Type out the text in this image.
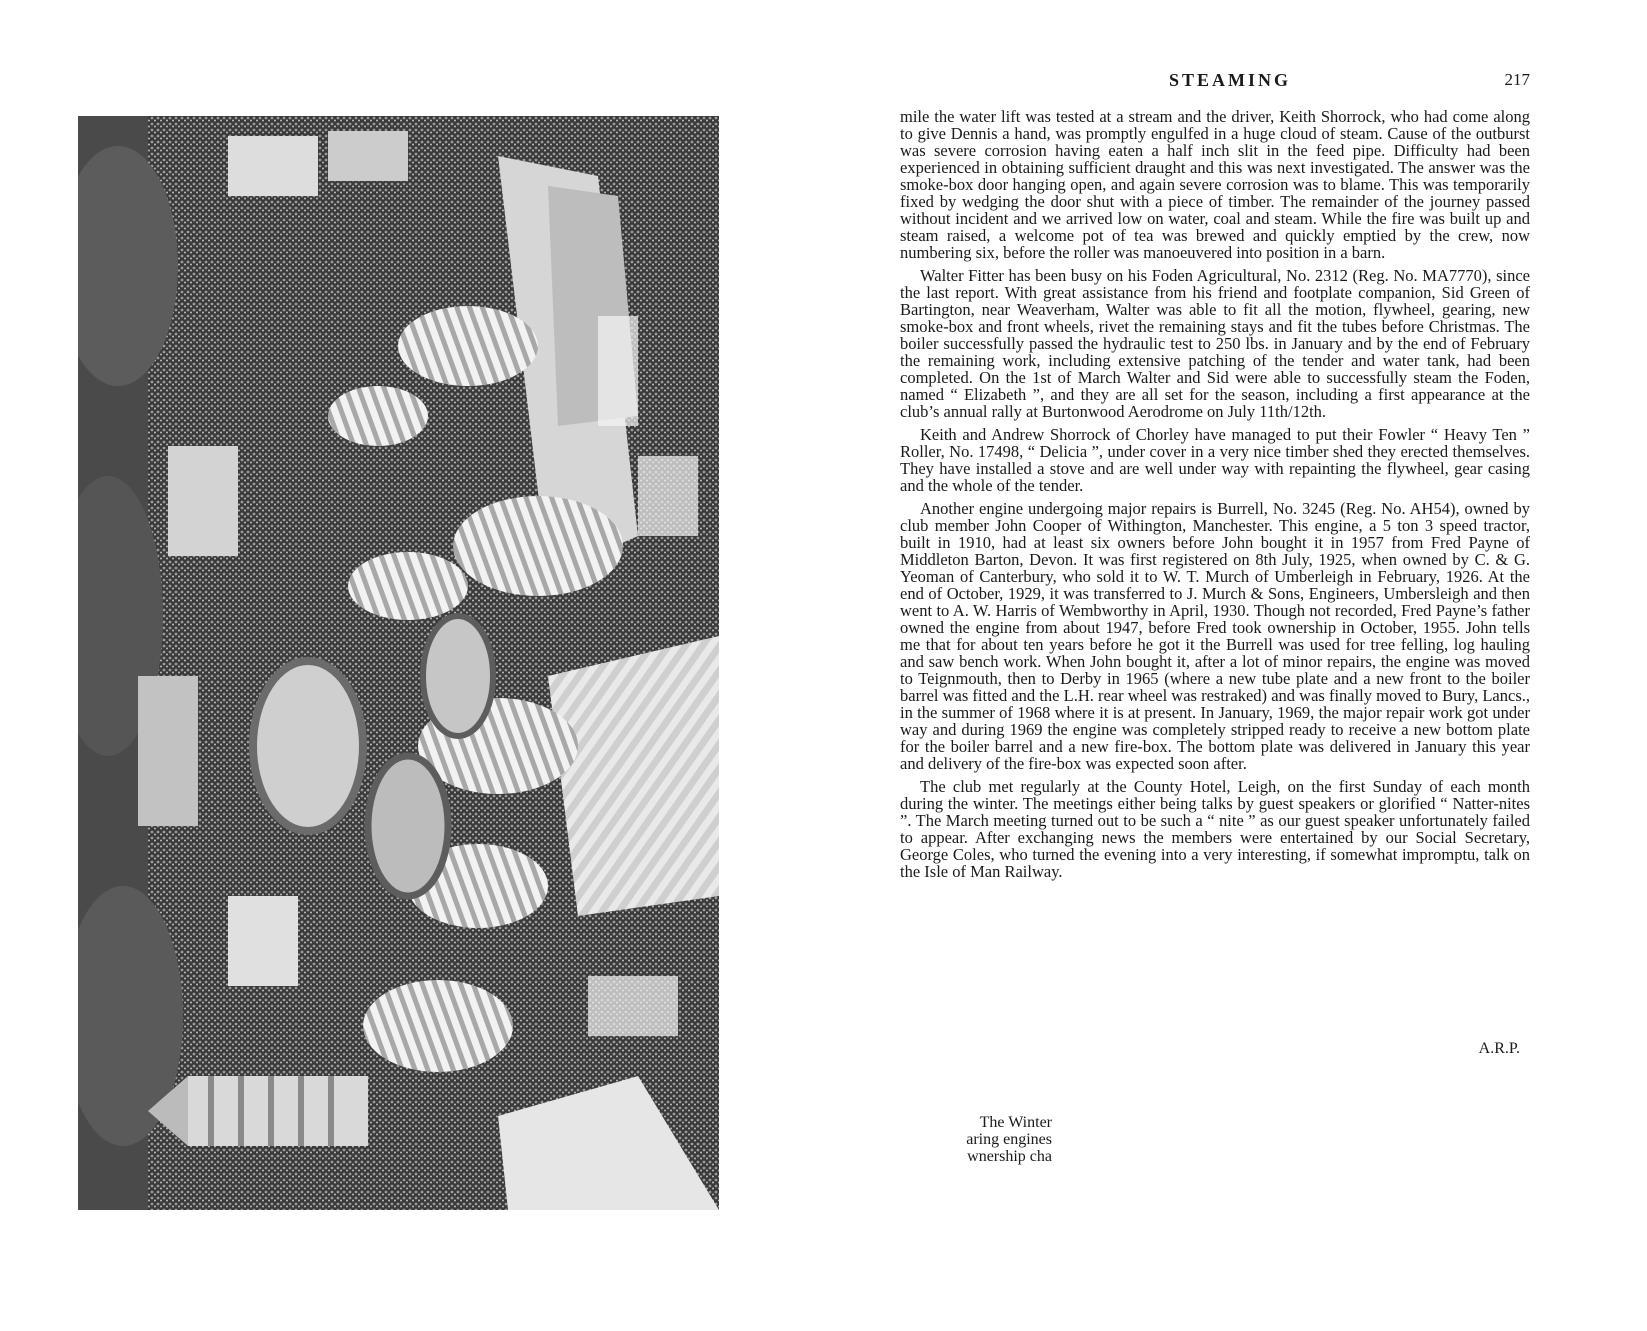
STEAMING	217

mile the water lift was tested at a stream and the driver, Keith Shorrock, who had come along to give Dennis a hand, was promptly engulfed in a huge cloud of steam. Cause of the outburst was severe corrosion having eaten a half inch slit in the feed pipe. Difficulty had been experienced in obtaining sufficient draught and this was next investigated. The answer was the smoke-box door hanging open, and again severe corrosion was to blame. This was temporarily fixed by wedging the door shut with a piece of timber. The remainder of the journey passed without incident and we arrived low on water, coal and steam. While the fire was built up and steam raised, a welcome pot of tea was brewed and quickly emptied by the crew, now numbering six, before the roller was manoeuvered into position in a barn.

Walter Fitter has been busy on his Foden Agricultural, No. 2312 (Reg. No. MA7770), since the last report. With great assistance from his friend and footplate companion, Sid Green of Bartington, near Weaverham, Walter was able to fit all the motion, flywheel, gearing, new smoke-box and front wheels, rivet the remaining stays and fit the tubes before Christmas. The boiler successfully passed the hydraulic test to 250 lbs. in January and by the end of February the remaining work, including extensive patching of the tender and water tank, had been completed. On the 1st of March Walter and Sid were able to successfully steam the Foden, named “ Elizabeth ”, and they are all set for the season, including a first appearance at the club’s annual rally at Burtonwood Aerodrome on July 11th/12th.

Keith and Andrew Shorrock of Chorley have managed to put their Fowler “ Heavy Ten ” Roller, No. 17498, “ Delicia ”, under cover in a very nice timber shed they erected themselves. They have installed a stove and are well under way with repainting the flywheel, gear casing and the whole of the tender.

Another engine undergoing major repairs is Burrell, No. 3245 (Reg. No. AH54), owned by club member John Cooper of Withington, Manchester. This engine, a 5 ton 3 speed tractor, built in 1910, had at least six owners before John bought it in 1957 from Fred Payne of Middleton Barton, Devon. It was first registered on 8th July, 1925, when owned by C. & G. Yeoman of Canterbury, who sold it to W. T. Murch of Umberleigh in February, 1926. At the end of October, 1929, it was transferred to J. Murch & Sons, Engineers, Umbersleigh and then went to A. W. Harris of Wembworthy in April, 1930. Though not recorded, Fred Payne’s father owned the engine from about 1947, before Fred took ownership in October, 1955. John tells me that for about ten years before he got it the Burrell was used for tree felling, log hauling and saw bench work. When John bought it, after a lot of minor repairs, the engine was moved to Teignmouth, then to Derby in 1965 (where a new tube plate and a new front to the boiler barrel was fitted and the L.H. rear wheel was restraked) and was finally moved to Bury, Lancs., in the summer of 1968 where it is at present. In January, 1969, the major repair work got under way and during 1969 the engine was completely stripped ready to receive a new bottom plate for the boiler barrel and a new fire-box. The bottom plate was delivered in January this year and delivery of the fire-box was expected soon after.

The club met regularly at the County Hotel, Leigh, on the first Sunday of each month during the winter. The meetings either being talks by guest speakers or glorified “ Natter-nites ”. The March meeting turned out to be such a “ nite ” as our guest speaker unfortunately failed to appear. After exchanging news the members were entertained by our Social Secretary, George Coles, who turned the evening into a very interesting, if somewhat impromptu, talk on the Isle of Man Railway.

A.R.P.
The Winter
aring engines
wnership cha
